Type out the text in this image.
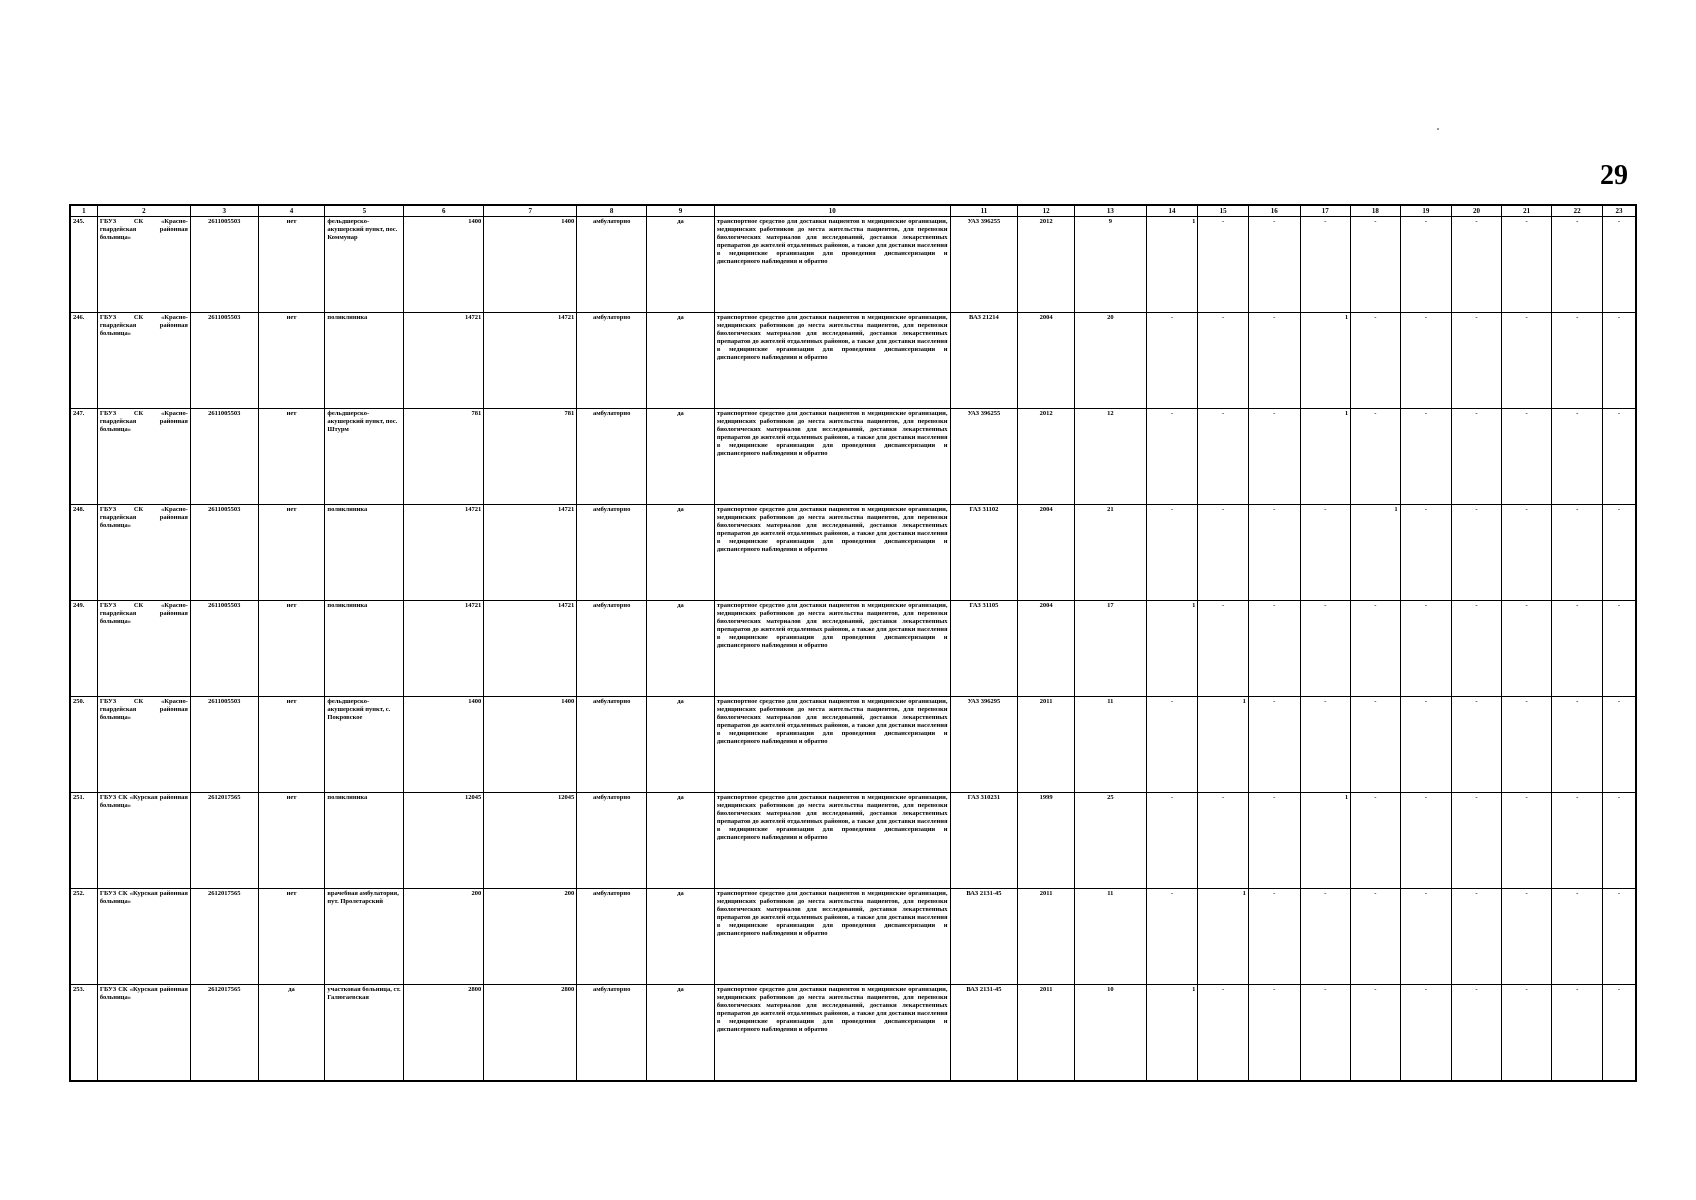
29
1	2	3	4	5	6	7	8	9	10	11	12	13	14	15	16	17	18	19	20	21	22	23
245.	ГБУЗ СК «Красно-гвардейская районная больница»	2611005503	нет	фельдшерско-акушерский пункт, пос. Коммунар	1400	1400	амбулаторно	да	транспортное средство для доставки пациентов в медицинские организации, медицинских работников до места жительства пациентов, для перевозки биологических материалов для исследований, доставки лекарственных препаратов до жителей отдаленных районов, а также для доставки населения в медицинские организации для проведения диспансеризации и диспансерного наблюдения и обратно	УАЗ 396255	2012	9	1	-	-	-	-	-	-	-	-	-
246.	ГБУЗ СК «Красно-гвардейская районная больница»	2611005503	нет	поликлиника	14721	14721	амбулаторно	да	транспортное средство для доставки пациентов в медицинские организации, медицинских работников до места жительства пациентов, для перевозки биологических материалов для исследований, доставки лекарственных препаратов до жителей отдаленных районов, а также для доставки населения в медицинские организации для проведения диспансеризации и диспансерного наблюдения и обратно	ВАЗ 21214	2004	20	-	-	-	1	-	-	-	-	-	-
247.	ГБУЗ СК «Красно-гвардейская районная больница»	2611005503	нет	фельдшерско-акушерский пункт, пос. Штурм	781	781	амбулаторно	да	транспортное средство для доставки пациентов в медицинские организации, медицинских работников до места жительства пациентов, для перевозки биологических материалов для исследований, доставки лекарственных препаратов до жителей отдаленных районов, а также для доставки населения в медицинские организации для проведения диспансеризации и диспансерного наблюдения и обратно	УАЗ 396255	2012	12	-	-	-	1	-	-	-	-	-	-
248.	ГБУЗ СК «Красно-гвардейская районная больница»	2611005503	нет	поликлиника	14721	14721	амбулаторно	да	транспортное средство для доставки пациентов в медицинские организации, медицинских работников до места жительства пациентов, для перевозки биологических материалов для исследований, доставки лекарственных препаратов до жителей отдаленных районов, а также для доставки населения в медицинские организации для проведения диспансеризации и диспансерного наблюдения и обратно	ГАЗ 31102	2004	21	-	-	-	-	1	-	-	-	-	-
249.	ГБУЗ СК «Красно-гвардейская районная больница»	2611005503	нет	поликлиника	14721	14721	амбулаторно	да	транспортное средство для доставки пациентов в медицинские организации, медицинских работников до места жительства пациентов, для перевозки биологических материалов для исследований, доставки лекарственных препаратов до жителей отдаленных районов, а также для доставки населения в медицинские организации для проведения диспансеризации и диспансерного наблюдения и обратно	ГАЗ 31105	2004	17	1	-	-	-	-	-	-	-	-	-
250.	ГБУЗ СК «Красно-гвардейская районная больница»	2611005503	нет	фельдшерско-акушерский пункт, с. Покровское	1400	1400	амбулаторно	да	транспортное средство для доставки пациентов в медицинские организации, медицинских работников до места жительства пациентов, для перевозки биологических материалов для исследований, доставки лекарственных препаратов до жителей отдаленных районов, а также для доставки населения в медицинские организации для проведения диспансеризации и диспансерного наблюдения и обратно	УАЗ 396295	2011	11	-	1	-	-	-	-	-	-	-	-
251.	ГБУЗ СК «Курская районная больница»	2612017565	нет	поликлиника	12045	12045	амбулаторно	да	транспортное средство для доставки пациентов в медицинские организации, медицинских работников до места жительства пациентов, для перевозки биологических материалов для исследований, доставки лекарственных препаратов до жителей отдаленных районов, а также для доставки населения в медицинские организации для проведения диспансеризации и диспансерного наблюдения и обратно	ГАЗ 310231	1999	25	-	-	-	1	-	-	-	-	-	-
252.	ГБУЗ СК «Курская районная больница»	2612017565	нет	врачебная амбулатория, пут. Пролетарский	200	200	амбулаторно	да	транспортное средство для доставки пациентов в медицинские организации, медицинских работников до места жительства пациентов, для перевозки биологических материалов для исследований, доставки лекарственных препаратов до жителей отдаленных районов, а также для доставки населения в медицинские организации для проведения диспансеризации и диспансерного наблюдения и обратно	ВАЗ 2131-45	2011	11	-	1	-	-	-	-	-	-	-	-
253.	ГБУЗ СК «Курская районная больница»	2612017565	да	участковая больница, ст. Галюгаевская	2800	2800	амбулаторно	да	транспортное средство для доставки пациентов в медицинские организации, медицинских работников до места жительства пациентов, для перевозки биологических материалов для исследований, доставки лекарственных препаратов до жителей отдаленных районов, а также для доставки населения в медицинские организации для проведения диспансеризации и диспансерного наблюдения и обратно	ВАЗ 2131-45	2011	10	1	-	-	-	-	-	-	-	-	-
